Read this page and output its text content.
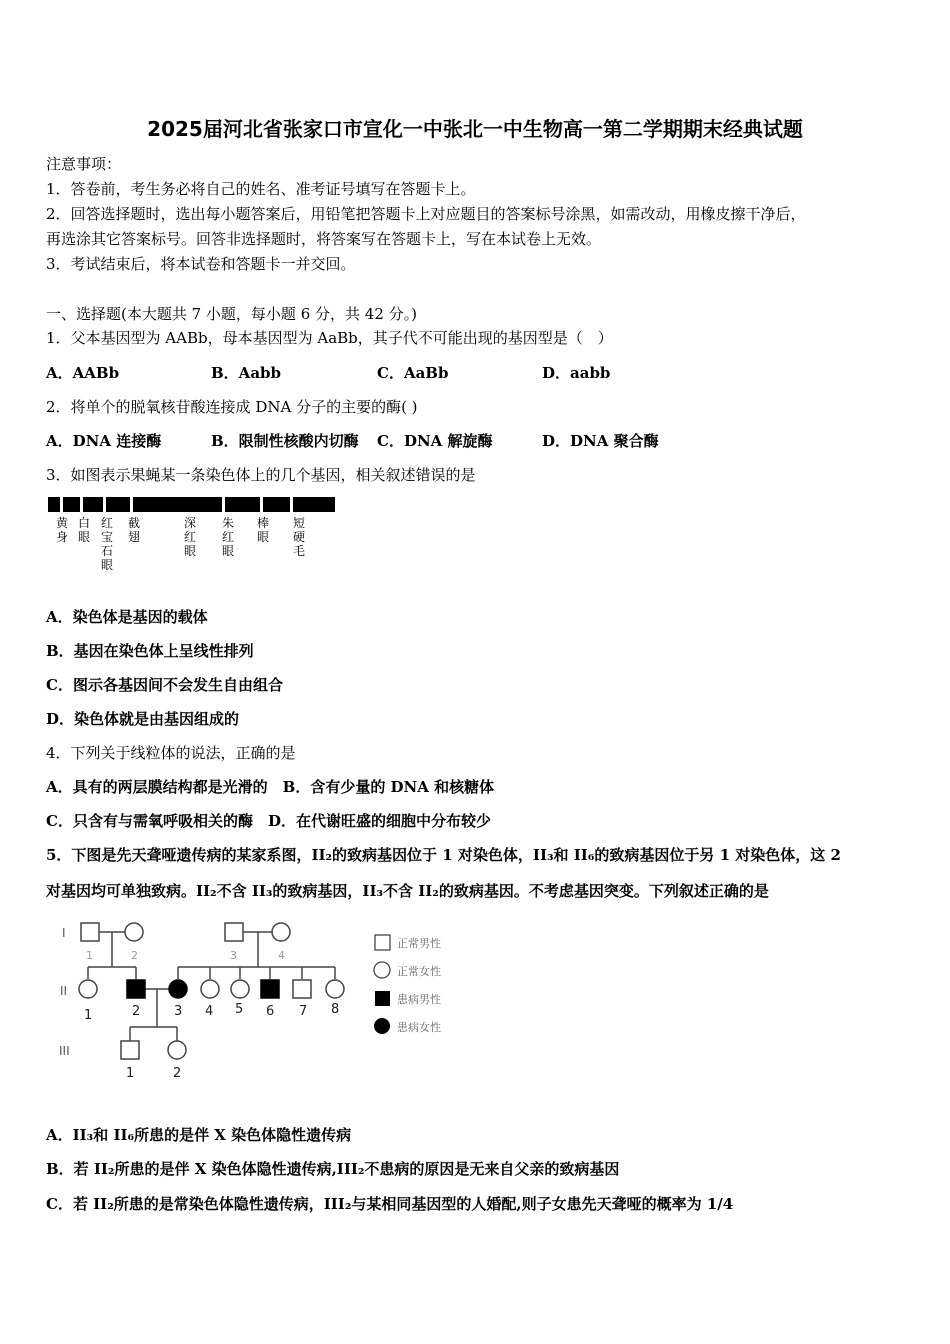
2025届河北省张家口市宣化一中张北一中生物高一第二学期期末经典试题
注意事项：
1．答卷前，考生务必将自己的姓名、准考证号填写在答题卡上。
2．回答选择题时，选出每小题答案后，用铅笔把答题卡上对应题目的答案标号涂黑，如需改动，用橡皮擦干净后，
再选涂其它答案标号。回答非选择题时，将答案写在答题卡上，写在本试卷上无效。
3．考试结束后，将本试卷和答题卡一并交回。
一、选择题(本大题共 7 小题，每小题 6 分，共 42 分。)
1．父本基因型为 AABb，母本基因型为 AaBb，其子代不可能出现的基因型是（　）
A．AABb	B．Aabb	C．AaBb	D．aabb
2．将单个的脱氧核苷酸连接成 DNA 分子的主要的酶( )
A．DNA 连接酶	B．限制性核酸内切酶 C．DNA 解旋酶	D．DNA 聚合酶
3．如图表示果蝇某一条染色体上的几个基因，相关叙述错误的是
黄身
白眼
红宝石眼
截翅
深红眼
朱红眼
棒眼
短硬毛
A．染色体是基因的载体
B．基因在染色体上呈线性排列
C．图示各基因间不会发生自由组合
D．染色体就是由基因组成的
4．下列关于线粒体的说法，正确的是
A．具有的两层膜结构都是光滑的　B．含有少量的 DNA 和核糖体
C．只含有与需氧呼吸相关的酶　D．在代谢旺盛的细胞中分布较少
5．下图是先天聋哑遗传病的某家系图，II₂的致病基因位于 1 对染色体，II₃和 II₆的致病基因位于另 1 对染色体，这 2
对基因均可单独致病。II₂不含 II₃的致病基因，II₃不含 II₂的致病基因。不考虑基因突变。下列叙述正确的是
I
II
III
1	2	3	4
1	2	3 4 5 6 7 8
1	2
正常男性
正常女性
患病男性
患病女性
A．II₃和 II₆所患的是伴 X 染色体隐性遗传病
B．若 II₂所患的是伴 X 染色体隐性遗传病,III₂不患病的原因是无来自父亲的致病基因
C．若 II₂所患的是常染色体隐性遗传病，III₂与某相同基因型的人婚配,则子女患先天聋哑的概率为 1/4
